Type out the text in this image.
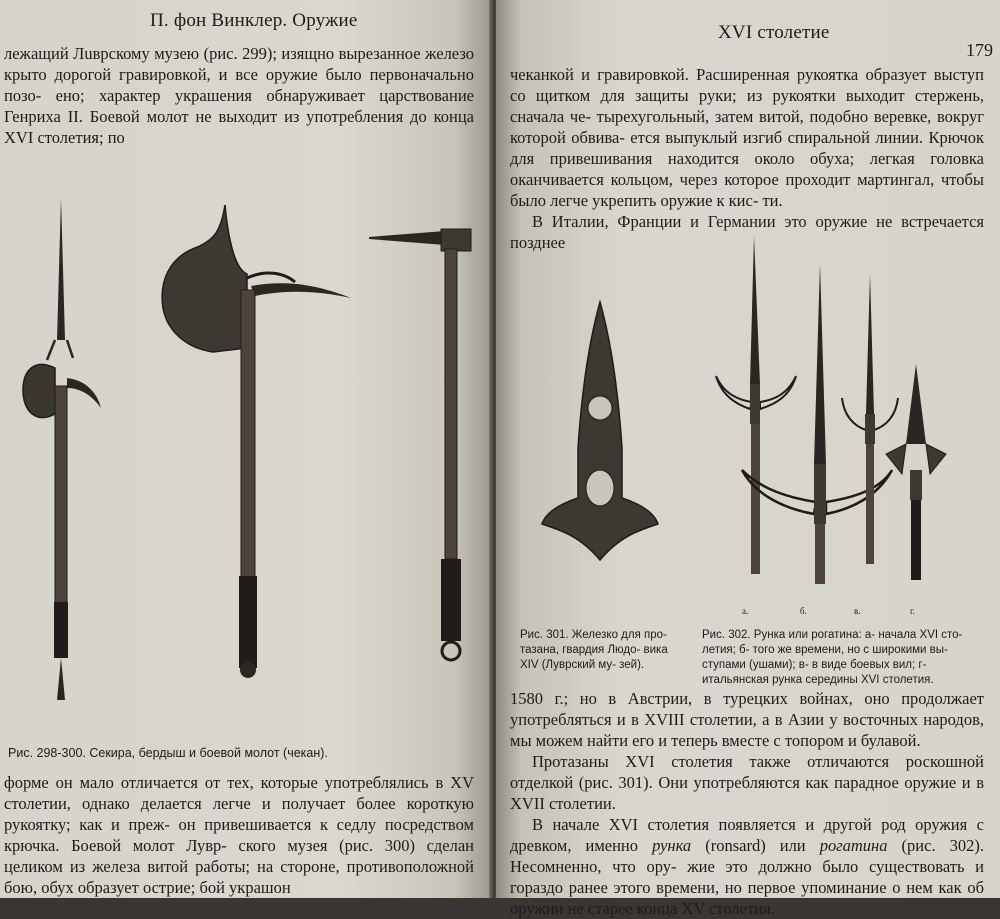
П. фон Винклер. Оружие

лежащий Лuвpскому музею (рис. 299); изящно вырезанное железо крыто дорогой гравировкой, и все оружие было первоначально позо- ено; характер украшения обнаруживает царствование Генриха II. Боевой молот не выходит из употребления до конца XVI столетия; по

Рис. 298-300. Секира, бердыш и боевой молот (чекан).

форме он мало отличается от тех, которые употреблялись в XV столетии, однако делается легче и получает более короткую рукоятку; как и преж- он привешивается к седлу посредством крючка. Боевой молот Лувр- ского музея (рис. 300) сделан целиком из железа витой работы; на стороне, противоположной бою, обух образует острие; бой украшон

XVI столетие
179

чеканкой и гравировкой. Расширенная рукоятка образует выступ со щитком для защиты руки; из рукоятки выходит стержень, сначала че- тырехугольный, затем витой, подобно веревке, вокруг которой обвива- ется выпуклый изгиб спиральной линии. Крючок для привешивания находится около обуха; легкая головка оканчивается кольцом, через которое проходит мартингал, чтобы было легче укрепить оружие к кис- ти.

В Италии, Франции и Германии это оружие не встречается позднее

а.	б.	в.	г.
Рис. 301. Железко для про- тазана, гвардия Людо- вика XIV (Лувpский му- зей).
Рис. 302. Рунка или рогатина: а- начала XVI сто- летия; б- того же времени, но с широкими вы- ступами (ушами); в- в виде боевых вил; г- итальянская рунка середины XVI столетия.

1580 г.; но в Австрии, в турецких войнах, оно продолжает употребляться и в XVIII столетии, а в Азии у восточных народов, мы можем найти его и теперь вместе с топором и булавой.

Протазаны XVI столетия также отличаются роскошной отделкой (рис. 301). Они употребляются как парадное оружие и в XVII столетии.

В начале XVI столетия появляется и другой род оружия с древком, именно рунка (ronsard) или рогатина (рис. 302). Несомненно, что ору- жие это должно было существовать и гораздо ранее этого времени, но первое упоминание о нем как об оружии не старее конца XV столетия.
